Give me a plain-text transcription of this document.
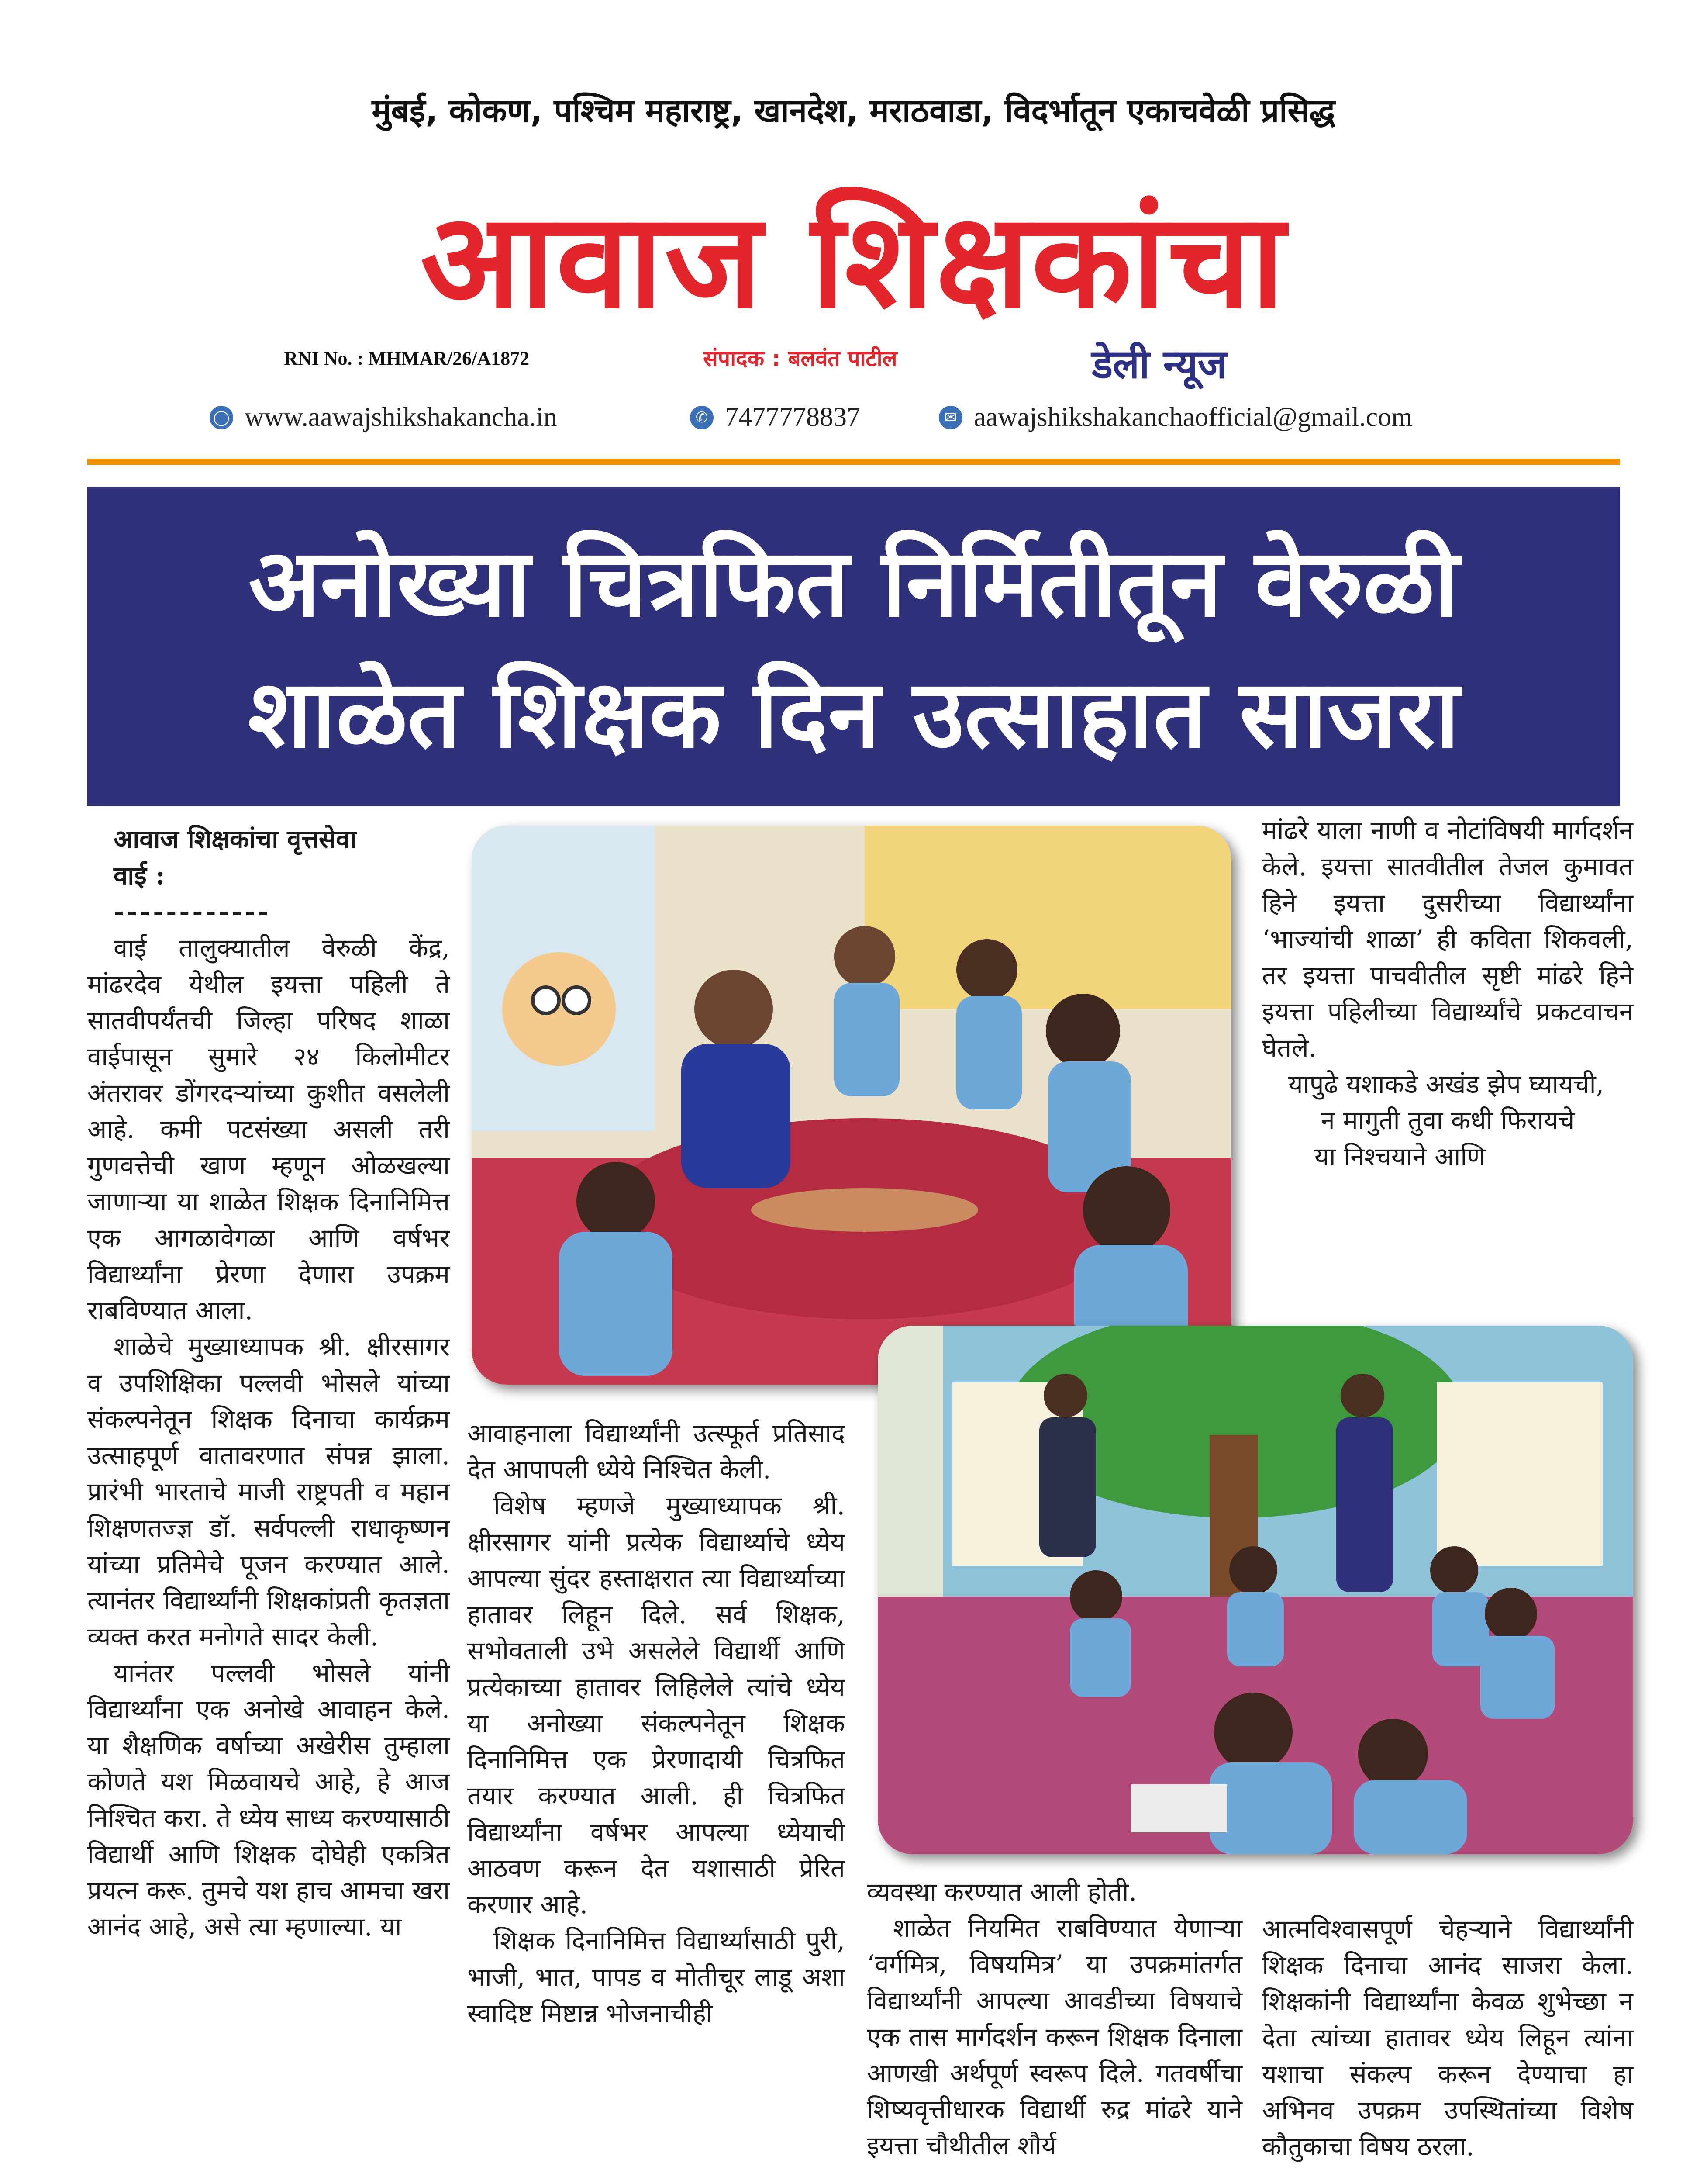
मुंबई, कोकण, पश्चिम महाराष्ट्र, खानदेश, मराठवाडा, विदर्भातून एकाचवेळी प्रसिद्ध
आवाज शिक्षकांचा
RNI No. : MHMAR/26/A1872	संपादक : बलवंत पाटील	डेली न्यूज
◯ www.aawajshikshakancha.in	✆ 7477778837	✉ aawajshikshakanchaofficial@gmail.com
अनोख्या चित्रफित निर्मितीतून वेरुळी
शाळेत शिक्षक दिन उत्साहात साजरा

आवाज शिक्षकांचा वृत्तसेवा

वाई :

------------

वाई तालुक्यातील वेरुळी केंद्र, मांढरदेव येथील इयत्ता पहिली ते सातवीपर्यंतची जिल्हा परिषद शाळा वाईपासून सुमारे २४ किलोमीटर अंतरावर डोंगरदऱ्यांच्या कुशीत वसलेली आहे. कमी पटसंख्या असली तरी गुणवत्तेची खाण म्हणून ओळखल्या जाणाऱ्या या शाळेत शिक्षक दिनानिमित्त एक आगळावेगळा आणि वर्षभर विद्यार्थ्यांना प्रेरणा देणारा उपक्रम राबविण्यात आला.

शाळेचे मुख्याध्यापक श्री. क्षीरसागर व उपशिक्षिका पल्लवी भोसले यांच्या संकल्पनेतून शिक्षक दिनाचा कार्यक्रम उत्साहपूर्ण वातावरणात संपन्न झाला. प्रारंभी भारताचे माजी राष्ट्रपती व महान शिक्षणतज्ज्ञ डॉ. सर्वपल्ली राधाकृष्णन यांच्या प्रतिमेचे पूजन करण्यात आले. त्यानंतर विद्यार्थ्यांनी शिक्षकांप्रती कृतज्ञता व्यक्त करत मनोगते सादर केली.

यानंतर पल्लवी भोसले यांनी विद्यार्थ्यांना एक अनोखे आवाहन केले. या शैक्षणिक वर्षाच्या अखेरीस तुम्हाला कोणते यश मिळवायचे आहे, हे आज निश्चित करा. ते ध्येय साध्य करण्यासाठी विद्यार्थी आणि शिक्षक दोघेही एकत्रित प्रयत्न करू. तुमचे यश हाच आमचा खरा आनंद आहे, असे त्या म्हणाल्या. या

आवाहनाला विद्यार्थ्यांनी उत्स्फूर्त प्रतिसाद देत आपापली ध्येये निश्चित केली.

विशेष म्हणजे मुख्याध्यापक श्री. क्षीरसागर यांनी प्रत्येक विद्यार्थ्याचे ध्येय आपल्या सुंदर हस्ताक्षरात त्या विद्यार्थ्याच्या हातावर लिहून दिले. सर्व शिक्षक, सभोवताली उभे असलेले विद्यार्थी आणि प्रत्येकाच्या हातावर लिहिलेले त्यांचे ध्येय या अनोख्या संकल्पनेतून शिक्षक दिनानिमित्त एक प्रेरणादायी चित्रफित तयार करण्यात आली. ही चित्रफित विद्यार्थ्यांना वर्षभर आपल्या ध्येयाची आठवण करून देत यशासाठी प्रेरित करणार आहे.

शिक्षक दिनानिमित्त विद्यार्थ्यांसाठी पुरी, भाजी, भात, पापड व मोतीचूर लाडू अशा स्वादिष्ट मिष्टान्न भोजनाचीही

व्यवस्था करण्यात आली होती.

शाळेत नियमित राबविण्यात येणाऱ्या ‘वर्गमित्र, विषयमित्र’ या उपक्रमांतर्गत विद्यार्थ्यांनी आपल्या आवडीच्या विषयाचे एक तास मार्गदर्शन करून शिक्षक दिनाला आणखी अर्थपूर्ण स्वरूप दिले. गतवर्षीचा शिष्यवृत्तीधारक विद्यार्थी रुद्र मांढरे याने इयत्ता चौथीतील शौर्य

मांढरे याला नाणी व नोटांविषयी मार्गदर्शन केले. इयत्ता सातवीतील तेजल कुमावत हिने इयत्ता दुसरीच्या विद्यार्थ्यांना ‘भाज्यांची शाळा’ ही कविता शिकवली, तर इयत्ता पाचवीतील सृष्टी मांढरे हिने इयत्ता पहिलीच्या विद्यार्थ्यांचे प्रकटवाचन घेतले.

यापुढे यशाकडे अखंड झेप घ्यायची,

न मागुती तुवा कधी फिरायचे

या निश्चयाने आणि

आत्मविश्वासपूर्ण चेहऱ्याने विद्यार्थ्यांनी शिक्षक दिनाचा आनंद साजरा केला. शिक्षकांनी विद्यार्थ्यांना केवळ शुभेच्छा न देता त्यांच्या हातावर ध्येय लिहून त्यांना यशाचा संकल्प करून देण्याचा हा अभिनव उपक्रम उपस्थितांच्या विशेष कौतुकाचा विषय ठरला.
